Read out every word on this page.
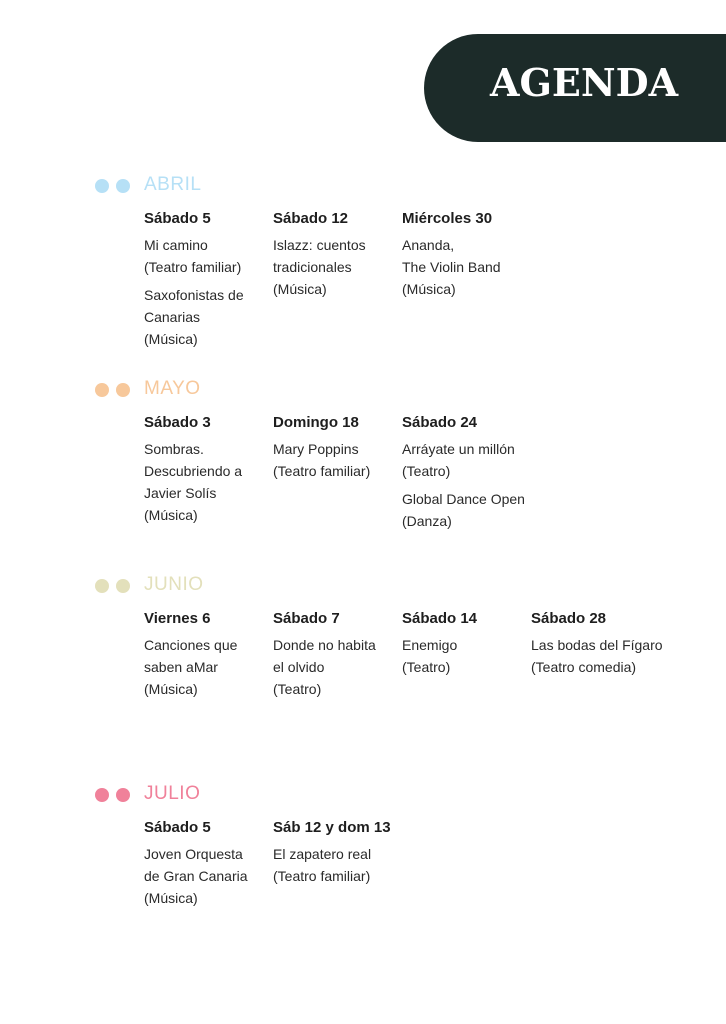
AGENDA
ABRIL
Sábado 5
Mi camino
(Teatro familiar)
Saxofonistas de
Canarias
(Música)
Sábado 12
Islazz: cuentos
tradicionales
(Música)
Miércoles 30
Ananda,
The Violin Band
(Música)
MAYO
Sábado 3
Sombras.
Descubriendo a
Javier Solís
(Música)
Domingo 18
Mary Poppins
(Teatro familiar)
Sábado 24
Arráyate un millón
(Teatro)
Global Dance Open
(Danza)
JUNIO
Viernes 6
Canciones que
saben aMar
(Música)
Sábado 7
Donde no habita
el olvido
(Teatro)
Sábado 14
Enemigo
(Teatro)
Sábado 28
Las bodas del Fígaro
(Teatro comedia)
JULIO
Sábado 5
Joven Orquesta
de Gran Canaria
(Música)
Sáb 12 y dom 13
El zapatero real
(Teatro familiar)
